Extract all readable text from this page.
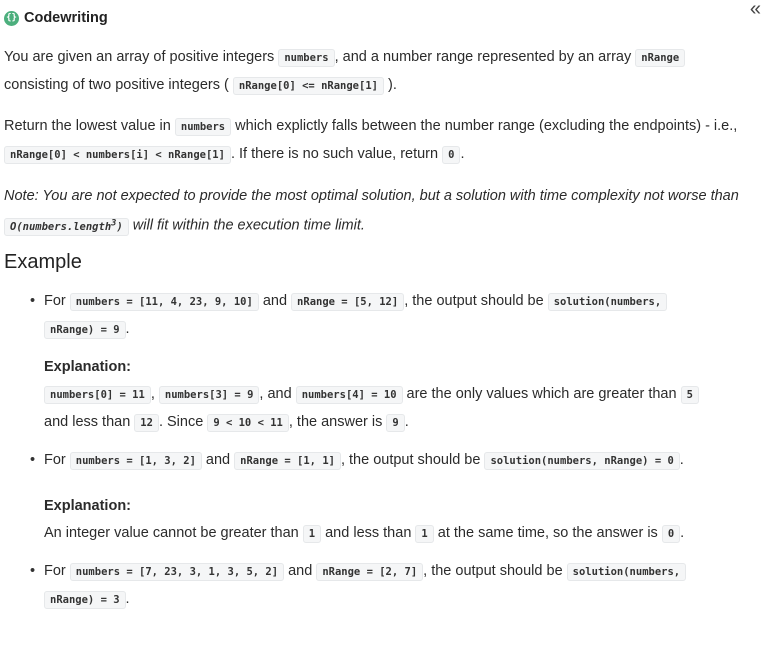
{} Codewriting	«

You are given an array of positive integers numbers , and a number range represented by an array nRange
consisting of two positive integers ( nRange[0] <= nRange[1] ).

Return the lowest value in numbers which explictly falls between the number range (excluding the endpoints) - i.e.,
nRange[0] < numbers[i] < nRange[1] . If there is no such value, return 0 .

Note: You are not expected to provide the most optimal solution, but a solution with time complexity not worse than
O(numbers.length$^3$) will fit within the execution time limit.

Example

• For numbers = [11, 4, 23, 9, 10] and nRange = [5, 12] , the output should be solution(numbers,
nRange) = 9 .

Explanation:

numbers[0] = 11 , numbers[3] = 9 , and numbers[4] = 10 are the only values which are greater than 5
and less than 12 . Since 9 < 10 < 11 , the answer is 9 .

• For numbers = [1, 3, 2] and nRange = [1, 1] , the output should be solution(numbers, nRange) = 0 .

Explanation:

An integer value cannot be greater than 1 and less than 1 at the same time, so the answer is 0 .

• For numbers = [7, 23, 3, 1, 3, 5, 2] and nRange = [2, 7] , the output should be solution(numbers,
nRange) = 3 .
